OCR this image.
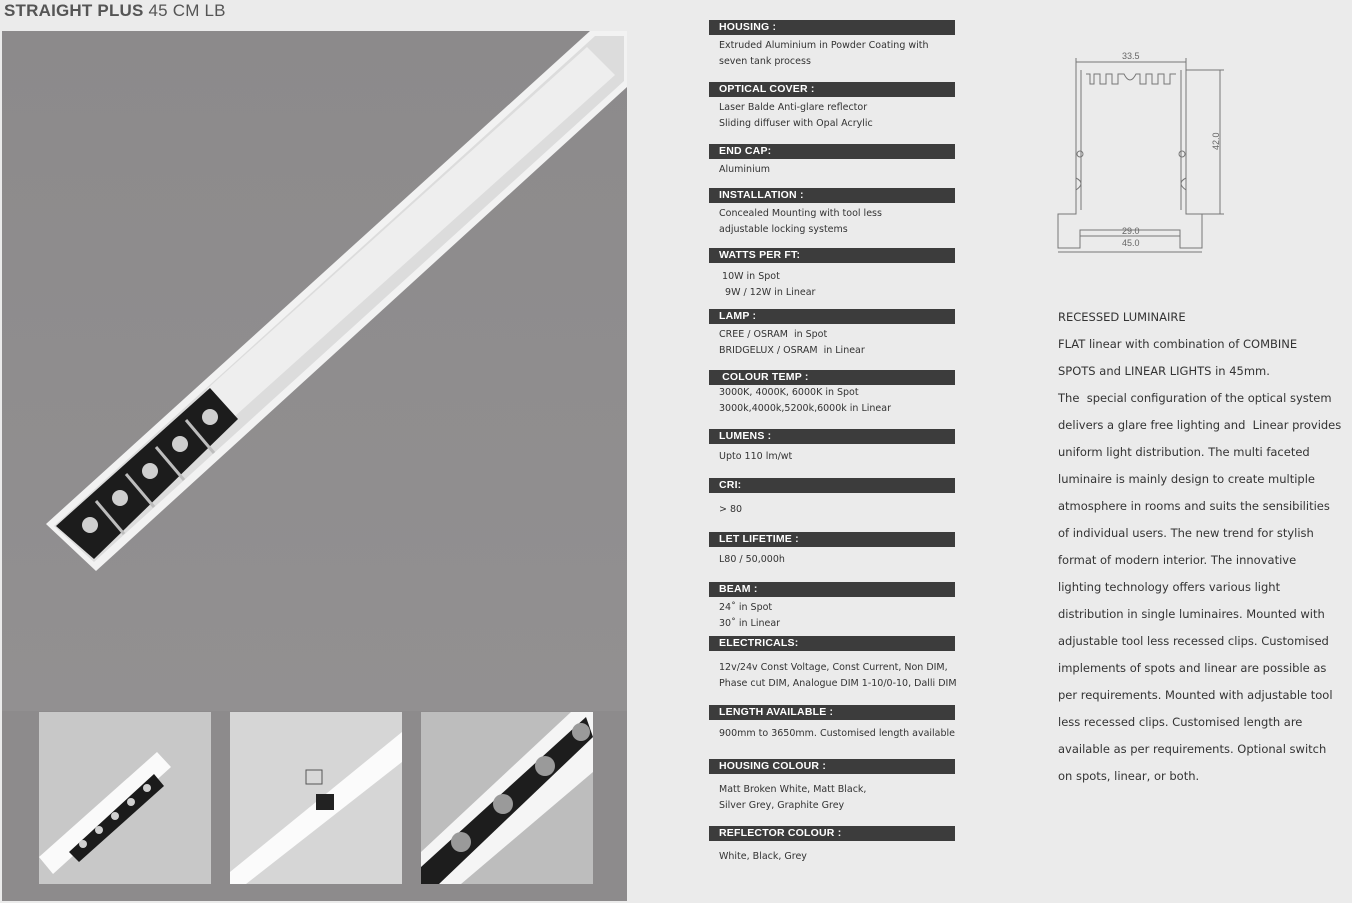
STRAIGHT PLUS 45 CM LB
HOUSING :
Extruded Aluminium in Powder Coating with
seven tank process
OPTICAL COVER :
Laser Balde Anti-glare reflector
Sliding diffuser with Opal Acrylic
END CAP:
Aluminium
INSTALLATION :
Concealed Mounting with tool less
adjustable locking systems
WATTS PER FT:
10W in Spot
9W / 12W in Linear
LAMP :
CREE / OSRAM  in Spot
BRIDGELUX / OSRAM  in Linear
COLOUR TEMP :
3000K, 4000K, 6000K in Spot
3000k,4000k,5200k,6000k in Linear
LUMENS :
Upto 110 lm/wt
CRI:
> 80
LET LIFETIME :
L80 / 50,000h
BEAM :
24˚ in Spot
30˚ in Linear
ELECTRICALS:
12v/24v Const Voltage, Const Current, Non DIM,
Phase cut DIM, Analogue DIM 1-10/0-10, Dalli DIM
LENGTH AVAILABLE :
900mm to 3650mm. Customised length available
HOUSING COLOUR :
Matt Broken White, Matt Black,
Silver Grey, Graphite Grey
REFLECTOR COLOUR :
White, Black, Grey
33.5
42.0
29.0
45.0

RECESSED LUMINAIRE

FLAT linear with combination of COMBINE

SPOTS and LINEAR LIGHTS in 45mm.

The  special configuration of the optical system

delivers a glare free lighting and  Linear provides

uniform light distribution. The multi faceted

luminaire is mainly design to create multiple

atmosphere in rooms and suits the sensibilities

of individual users. The new trend for stylish

format of modern interior. The innovative

lighting technology offers various light

distribution in single luminaires. Mounted with

adjustable tool less recessed clips. Customised

implements of spots and linear are possible as

per requirements. Mounted with adjustable tool

less recessed clips. Customised length are

available as per requirements. Optional switch

on spots, linear, or both.
